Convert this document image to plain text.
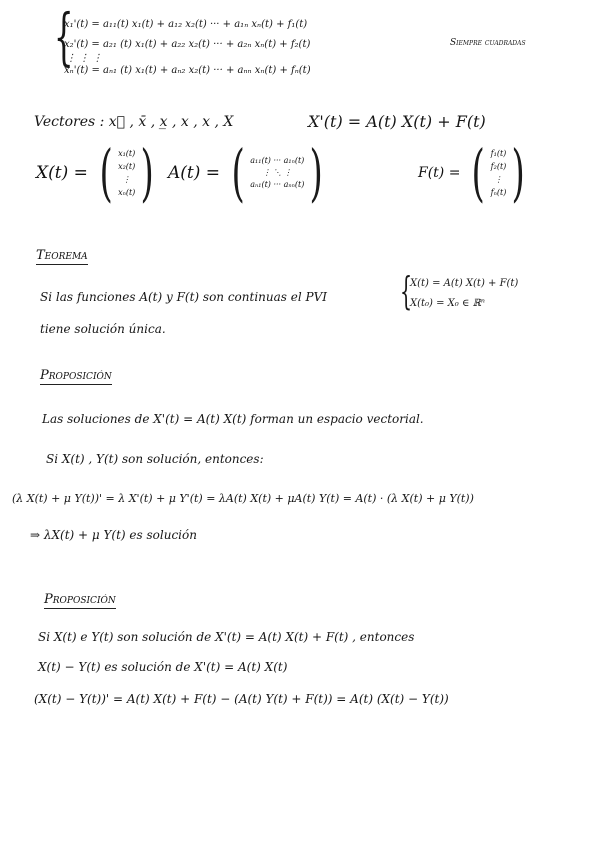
{
x₁'(t) = a₁₁(t) x₁(t) + a₁₂ x₂(t) ··· + a₁ₙ xₙ(t) + f₁(t)
x₂'(t) = a₂₁ (t) x₁(t) + a₂₂ x₂(t) ··· + a₂ₙ xₙ(t) + f₂(t)
⋮ ⋮ ⋮
xₙ'(t) = aₙ₁ (t) x₁(t) + aₙ₂ x₂(t) ··· + aₙₙ xₙ(t) + fₙ(t)
Siempre cuadradas
Vectores : x⃗ , x̄ , x̲ , x , x , X	X'(t) = A(t) X(t) + F(t)
X(t) = ( x₁(t)
x₂(t)
⋮
xₙ(t) ) A(t) = ( a₁₁(t) ··· a₁ₙ(t)
⋮ ⋱ ⋮
aₙ₁(t) ··· aₙₙ(t) )	F(t) = ( f₁(t)
f₂(t)
⋮
fₙ(t) )
Teorema
Si las funciones A(t) y F(t) son continuas el PVI {
X(t) = A(t) X(t) + F(t)
X(t₀) = X₀ ∈ ℝⁿ
tiene solución única.
Proposición
Las soluciones de X'(t) = A(t) X(t) forman un espacio vectorial.
Si X(t) , Y(t) son solución, entonces:
(λ X(t) + μ Y(t))' = λ X'(t) + μ Y'(t) = λA(t) X(t) + μA(t) Y(t) = A(t) · (λ X(t) + μ Y(t))
⇒ λX(t) + μ Y(t) es solución
Proposición
Si X(t) e Y(t) son solución de X'(t) = A(t) X(t) + F(t) , entonces
X(t) − Y(t) es solución de X'(t) = A(t) X(t)
(X(t) − Y(t))' = A(t) X(t) + F(t) − (A(t) Y(t) + F(t)) = A(t) (X(t) − Y(t))
